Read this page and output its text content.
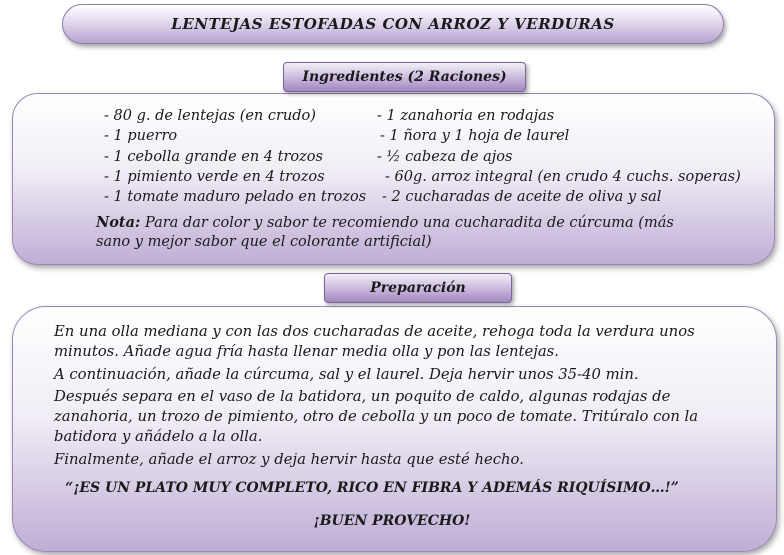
LENTEJAS ESTOFADAS CON ARROZ Y VERDURAS
Ingredientes (2 Raciones)
- 80 g. de lentejas (en crudo)
- 1 puerro
- 1 cebolla grande en 4 trozos
- 1 pimiento verde en 4 trozos
- 1 tomate maduro pelado en trozos
- 1 zanahoria en rodajas
- 1 ñora y 1 hoja de laurel
- ½ cabeza de ajos
- 60g. arroz integral (en crudo 4 cuchs. soperas)
- 2 cucharadas de aceite de oliva y sal
Nota: Para dar color y sabor te recomiendo una cucharadita de cúrcuma (más
sano y mejor sabor que el colorante artificial)
Preparación
En una olla mediana y con las dos cucharadas de aceite, rehoga toda la verdura unos
minutos. Añade agua fría hasta llenar media olla y pon las lentejas.
A continuación, añade la cúrcuma, sal y el laurel. Deja hervir unos 35-40 min.
Después separa en el vaso de la batidora, un poquito de caldo, algunas rodajas de
zanahoria, un trozo de pimiento, otro de cebolla y un poco de tomate. Tritúralo con la
batidora y añádelo a la olla.
Finalmente, añade el arroz y deja hervir hasta que esté hecho.
“¡ES UN PLATO MUY COMPLETO, RICO EN FIBRA Y ADEMÁS RIQUÍSIMO…!”
¡BUEN PROVECHO!
